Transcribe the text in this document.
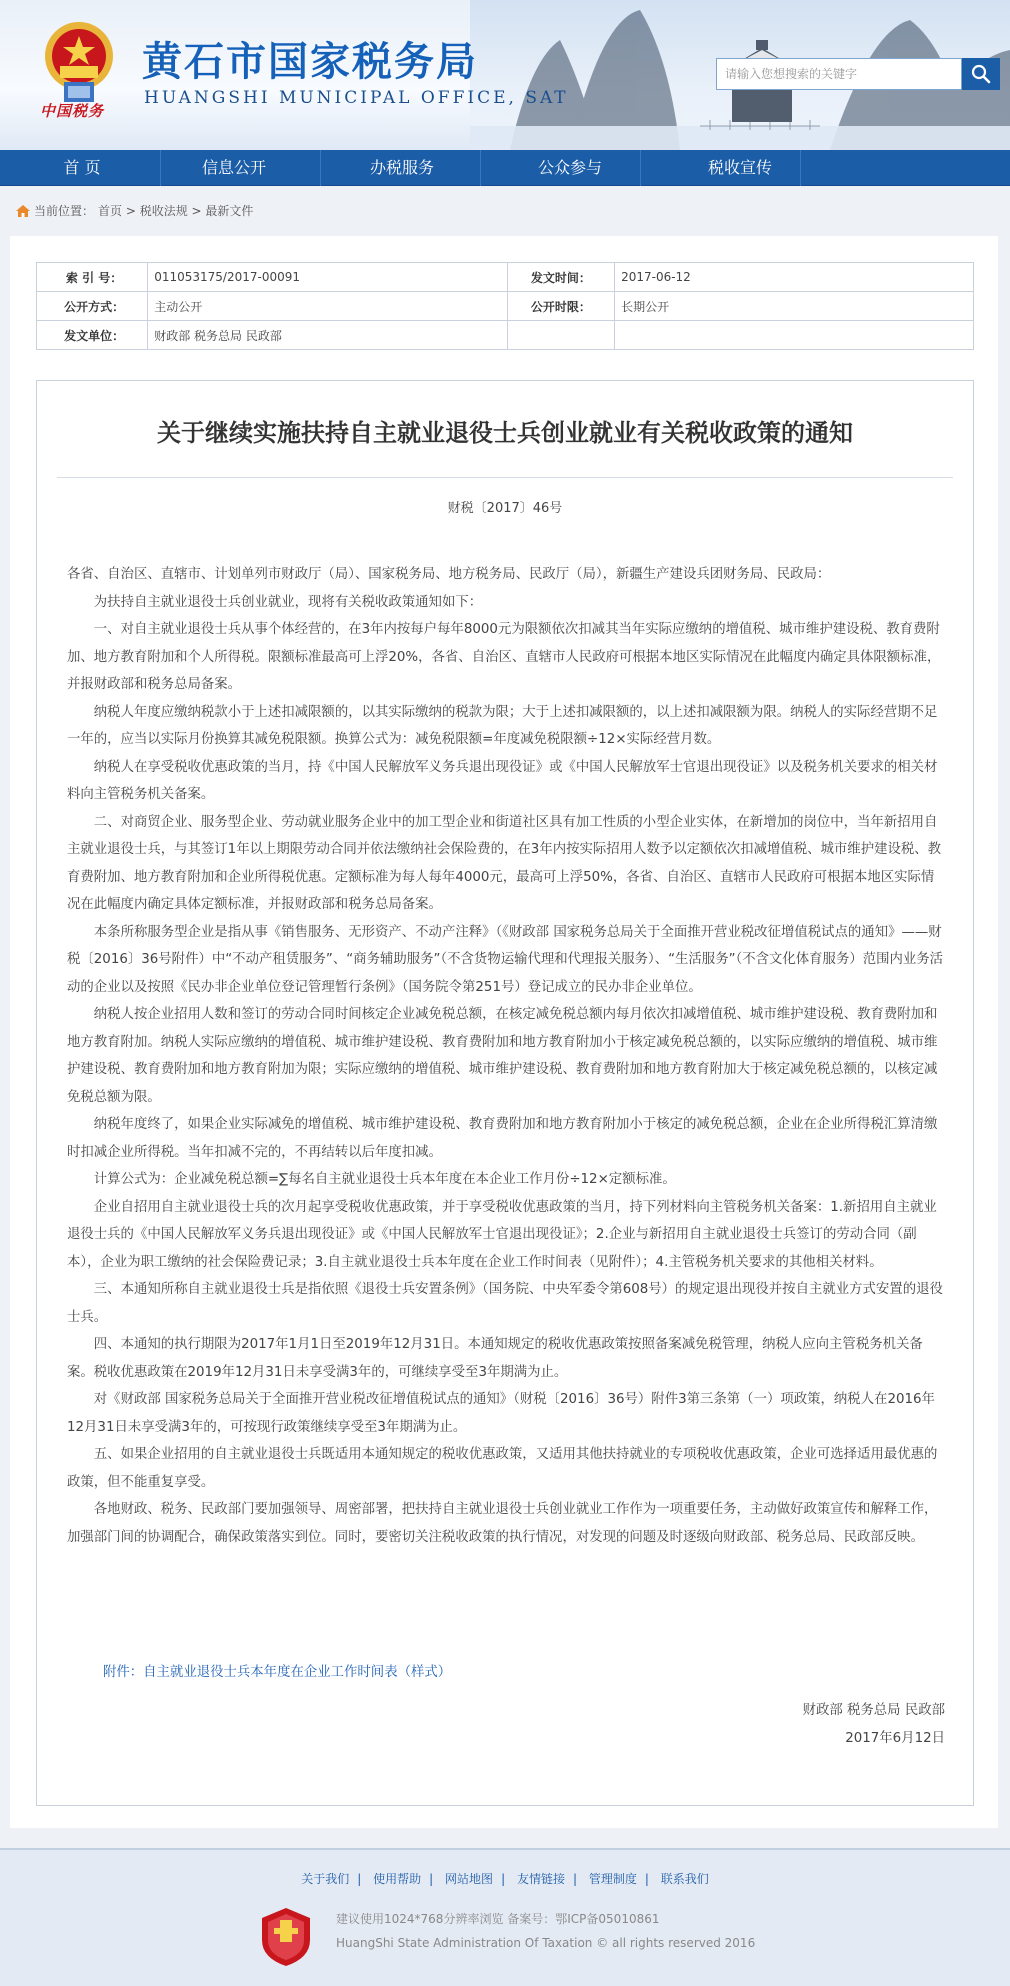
中国税务
黄石市国家税务局
HUANGSHI MUNICIPAL OFFICE, SAT
请输入您想搜索的关键字
首 页	信息公开	办税服务	公众参与	税收宣传
当前位置： 首页 > 税收法规 > 最新文件
索 引 号：	011053175/2017-00091	发文时间：	2017-06-12
公开方式：	主动公开	公开时限：	长期公开
发文单位：	财政部 税务总局 民政部		
关于继续实施扶持自主就业退役士兵创业就业有关税收政策的通知
财税〔2017〕46号

各省、自治区、直辖市、计划单列市财政厅（局）、国家税务局、地方税务局、民政厅（局），新疆生产建设兵团财务局、民政局：

为扶持自主就业退役士兵创业就业，现将有关税收政策通知如下：

一、对自主就业退役士兵从事个体经营的，在3年内按每户每年8000元为限额依次扣减其当年实际应缴纳的增值税、城市维护建设税、教育费附加、地方教育附加和个人所得税。限额标准最高可上浮20%，各省、自治区、直辖市人民政府可根据本地区实际情况在此幅度内确定具体限额标准，并报财政部和税务总局备案。

纳税人年度应缴纳税款小于上述扣减限额的，以其实际缴纳的税款为限；大于上述扣减限额的，以上述扣减限额为限。纳税人的实际经营期不足一年的，应当以实际月份换算其减免税限额。换算公式为：减免税限额=年度减免税限额÷12×实际经营月数。

纳税人在享受税收优惠政策的当月，持《中国人民解放军义务兵退出现役证》或《中国人民解放军士官退出现役证》以及税务机关要求的相关材料向主管税务机关备案。

二、对商贸企业、服务型企业、劳动就业服务企业中的加工型企业和街道社区具有加工性质的小型企业实体，在新增加的岗位中，当年新招用自主就业退役士兵，与其签订1年以上期限劳动合同并依法缴纳社会保险费的，在3年内按实际招用人数予以定额依次扣减增值税、城市维护建设税、教育费附加、地方教育附加和企业所得税优惠。定额标准为每人每年4000元，最高可上浮50%，各省、自治区、直辖市人民政府可根据本地区实际情况在此幅度内确定具体定额标准，并报财政部和税务总局备案。

本条所称服务型企业是指从事《销售服务、无形资产、不动产注释》（《财政部 国家税务总局关于全面推开营业税改征增值税试点的通知》——财税〔2016〕36号附件）中“不动产租赁服务”、“商务辅助服务”（不含货物运输代理和代理报关服务）、“生活服务”（不含文化体育服务）范围内业务活动的企业以及按照《民办非企业单位登记管理暂行条例》（国务院令第251号）登记成立的民办非企业单位。

纳税人按企业招用人数和签订的劳动合同时间核定企业减免税总额，在核定减免税总额内每月依次扣减增值税、城市维护建设税、教育费附加和地方教育附加。纳税人实际应缴纳的增值税、城市维护建设税、教育费附加和地方教育附加小于核定减免税总额的，以实际应缴纳的增值税、城市维护建设税、教育费附加和地方教育附加为限；实际应缴纳的增值税、城市维护建设税、教育费附加和地方教育附加大于核定减免税总额的，以核定减免税总额为限。

纳税年度终了，如果企业实际减免的增值税、城市维护建设税、教育费附加和地方教育附加小于核定的减免税总额，企业在企业所得税汇算清缴时扣减企业所得税。当年扣减不完的，不再结转以后年度扣减。

计算公式为：企业减免税总额=∑每名自主就业退役士兵本年度在本企业工作月份÷12×定额标准。

企业自招用自主就业退役士兵的次月起享受税收优惠政策，并于享受税收优惠政策的当月，持下列材料向主管税务机关备案：1.新招用自主就业退役士兵的《中国人民解放军义务兵退出现役证》或《中国人民解放军士官退出现役证》；2.企业与新招用自主就业退役士兵签订的劳动合同（副本），企业为职工缴纳的社会保险费记录；3.自主就业退役士兵本年度在企业工作时间表（见附件）；4.主管税务机关要求的其他相关材料。

三、本通知所称自主就业退役士兵是指依照《退役士兵安置条例》（国务院、中央军委令第608号）的规定退出现役并按自主就业方式安置的退役士兵。

四、本通知的执行期限为2017年1月1日至2019年12月31日。本通知规定的税收优惠政策按照备案减免税管理，纳税人应向主管税务机关备案。税收优惠政策在2019年12月31日未享受满3年的，可继续享受至3年期满为止。

对《财政部 国家税务总局关于全面推开营业税改征增值税试点的通知》（财税〔2016〕36号）附件3第三条第（一）项政策，纳税人在2016年12月31日未享受满3年的，可按现行政策继续享受至3年期满为止。

五、如果企业招用的自主就业退役士兵既适用本通知规定的税收优惠政策，又适用其他扶持就业的专项税收优惠政策，企业可选择适用最优惠的政策，但不能重复享受。

各地财政、税务、民政部门要加强领导、周密部署，把扶持自主就业退役士兵创业就业工作作为一项重要任务，主动做好政策宣传和解释工作，加强部门间的协调配合，确保政策落实到位。同时，要密切关注税收政策的执行情况，对发现的问题及时逐级向财政部、税务总局、民政部反映。

附件：自主就业退役士兵本年度在企业工作时间表（样式）
财政部 税务总局 民政部
2017年6月12日
关于我们 | 使用帮助 | 网站地图 | 友情链接 | 管理制度 | 联系我们
建议使用1024*768分辨率浏览 备案号：鄂ICP备05010861
HuangShi State Administration Of Taxation © all rights reserved 2016
